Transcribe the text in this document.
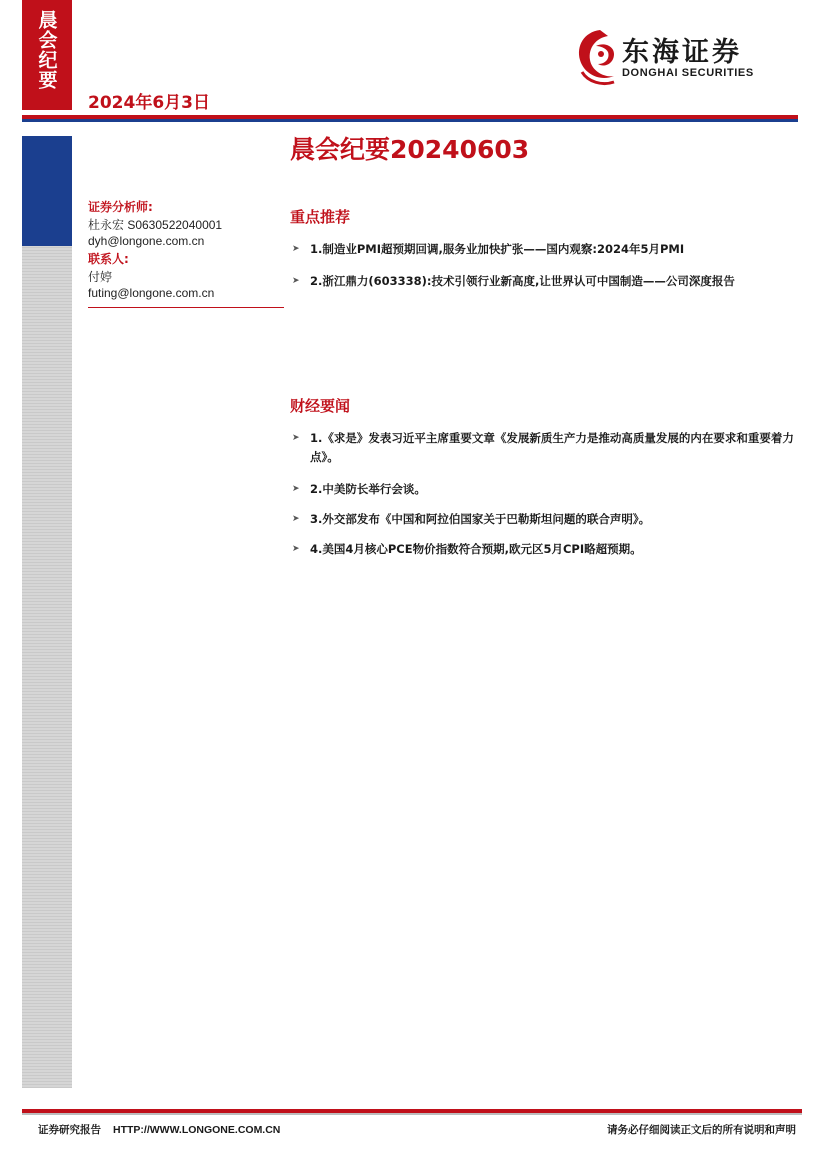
晨会纪要
2024年6月3日
东海证券
DONGHAI SECURITIES
晨会纪要20240603
证券分析师:
杜永宏 S0630522040001
dyh@longone.com.cn
联系人:
付婷
futing@longone.com.cn
重点推荐
➤ 1.制造业PMI超预期回调,服务业加快扩张——国内观察:2024年5月PMI
➤ 2.浙江鼎力(603338):技术引领行业新高度,让世界认可中国制造——公司深度报告
财经要闻
➤ 1.《求是》发表习近平主席重要文章《发展新质生产力是推动高质量发展的内在要求和重要着力点》。
➤ 2.中美防长举行会谈。
➤ 3.外交部发布《中国和阿拉伯国家关于巴勒斯坦问题的联合声明》。
➤ 4.美国4月核心PCE物价指数符合预期,欧元区5月CPI略超预期。
证券研究报告 HTTP://WWW.LONGONE.COM.CN	请务必仔细阅读正文后的所有说明和声明
